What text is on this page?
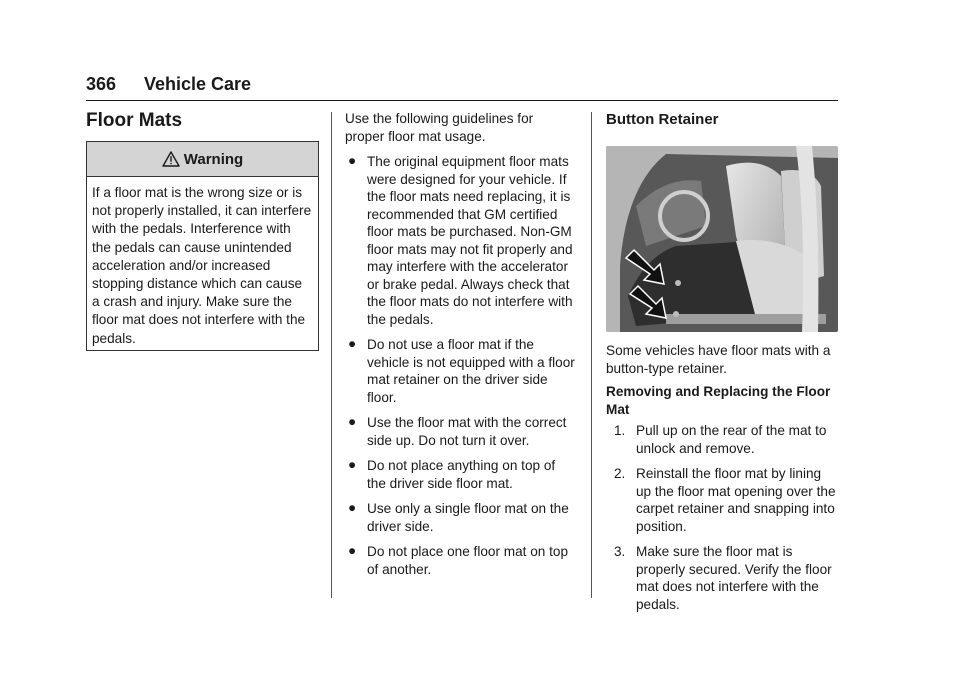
366 Vehicle Care
Floor Mats
Warning
If a floor mat is the wrong size or is not properly installed, it can interfere with the pedals. Interference with the pedals can cause unintended acceleration and/or increased stopping distance which can cause a crash and injury. Make sure the floor mat does not interfere with the pedals.

Use the following guidelines for proper floor mat usage.

● The original equipment floor mats were designed for your vehicle. If the floor mats need replacing, it is recommended that GM certified floor mats be purchased. Non-GM floor mats may not fit properly and may interfere with the accelerator or brake pedal. Always check that the floor mats do not interfere with the pedals.
● Do not use a floor mat if the vehicle is not equipped with a floor mat retainer on the driver side floor.
● Use the floor mat with the correct side up. Do not turn it over.
● Do not place anything on top of the driver side floor mat.
● Use only a single floor mat on the driver side.
● Do not place one floor mat on top of another.
Button Retainer

Some vehicles have floor mats with a button-type retainer.

Removing and Replacing the Floor Mat

1. Pull up on the rear of the mat to unlock and remove.
2. Reinstall the floor mat by lining up the floor mat opening over the carpet retainer and snapping into position.
3. Make sure the floor mat is properly secured. Verify the floor mat does not interfere with the pedals.
